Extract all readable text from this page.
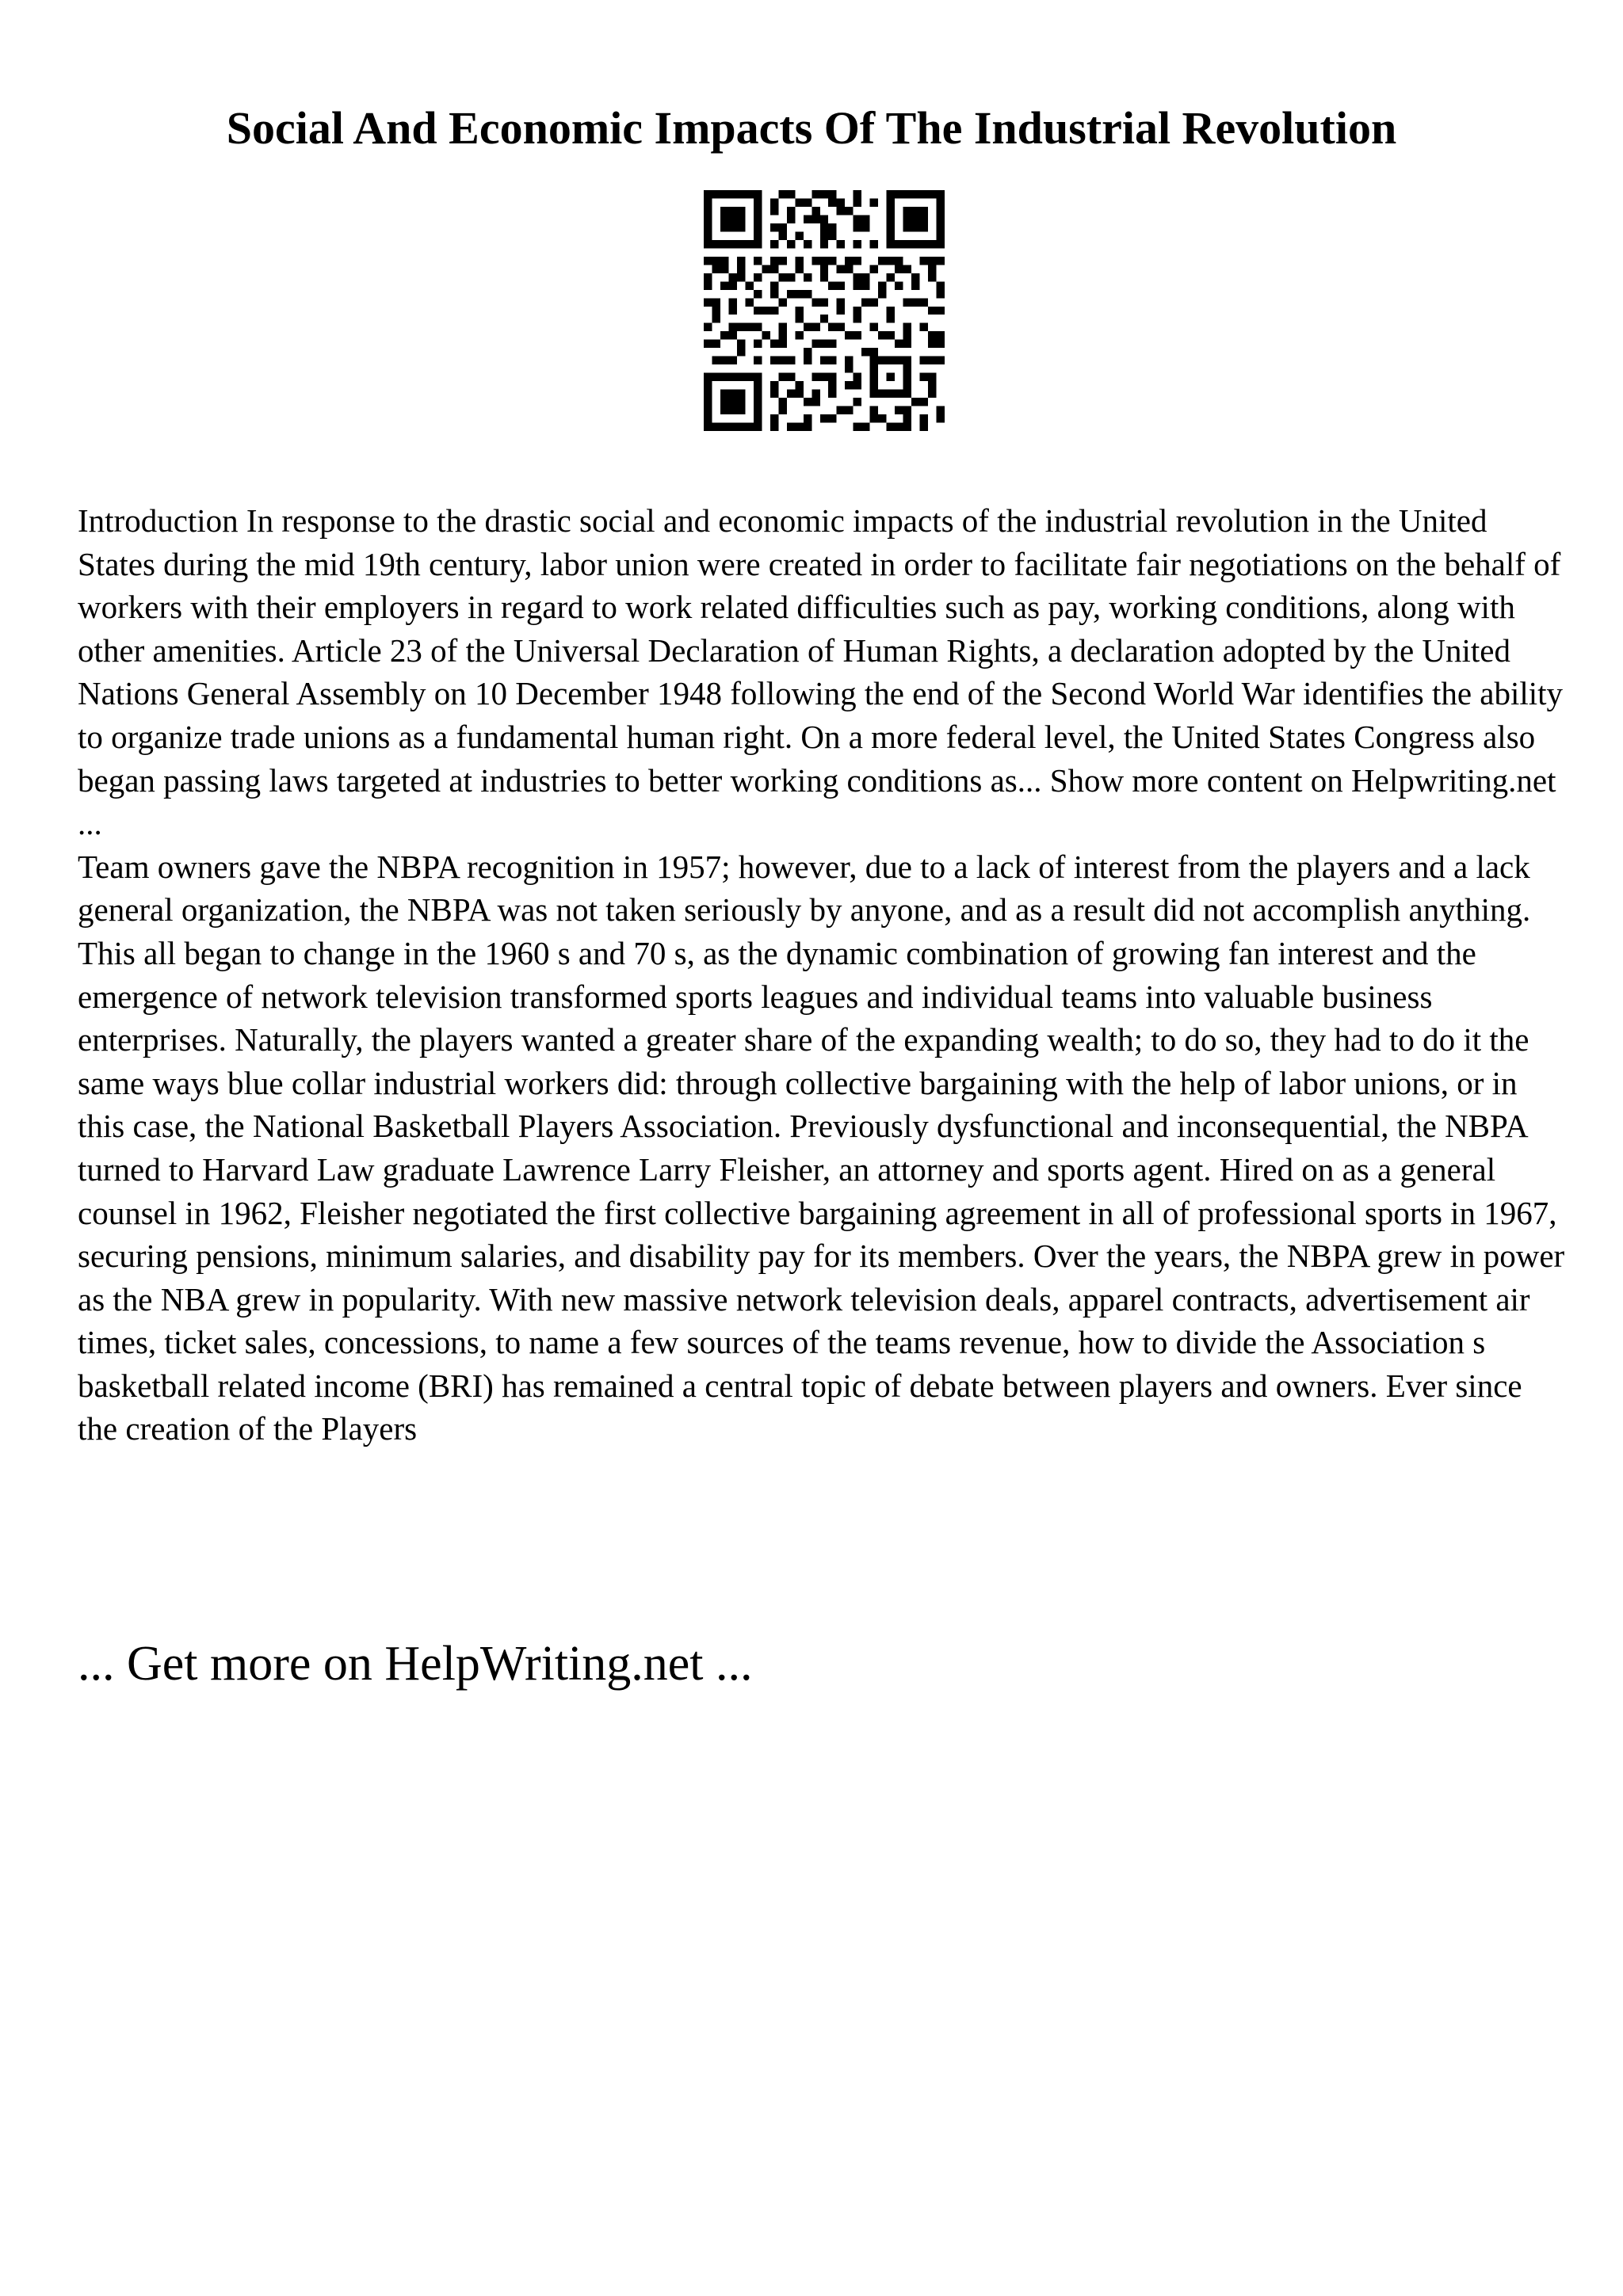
Social And Economic Impacts Of The Industrial Revolution

Introduction In response to the drastic social and economic impacts of the industrial revolution in the United States during the mid 19th century, labor union were created in order to facilitate fair negotiations on the behalf of workers with their employers in regard to work related difficulties such as pay, working conditions, along with other amenities. Article 23 of the Universal Declaration of Human Rights, a declaration adopted by the United Nations General Assembly on 10 December 1948 following the end of the Second World War identifies the ability to organize trade unions as a fundamental human right. On a more federal level, the United States Congress also began passing laws targeted at industries to better working conditions as... Show more content on Helpwriting.net ...

Team owners gave the NBPA recognition in 1957; however, due to a lack of interest from the players and a lack general organization, the NBPA was not taken seriously by anyone, and as a result did not accomplish anything. This all began to change in the 1960 s and 70 s, as the dynamic combination of growing fan interest and the emergence of network television transformed sports leagues and individual teams into valuable business enterprises. Naturally, the players wanted a greater share of the expanding wealth; to do so, they had to do it the same ways blue collar industrial workers did: through collective bargaining with the help of labor unions, or in this case, the National Basketball Players Association. Previously dysfunctional and inconsequential, the NBPA turned to Harvard Law graduate Lawrence Larry Fleisher, an attorney and sports agent. Hired on as a general counsel in 1962, Fleisher negotiated the first collective bargaining agreement in all of professional sports in 1967, securing pensions, minimum salaries, and disability pay for its members. Over the years, the NBPA grew in power as the NBA grew in popularity. With new massive network television deals, apparel contracts, advertisement air times, ticket sales, concessions, to name a few sources of the teams revenue, how to divide the Association s basketball related income (BRI) has remained a central topic of debate between players and owners. Ever since the creation of the Players

... Get more on HelpWriting.net ...
